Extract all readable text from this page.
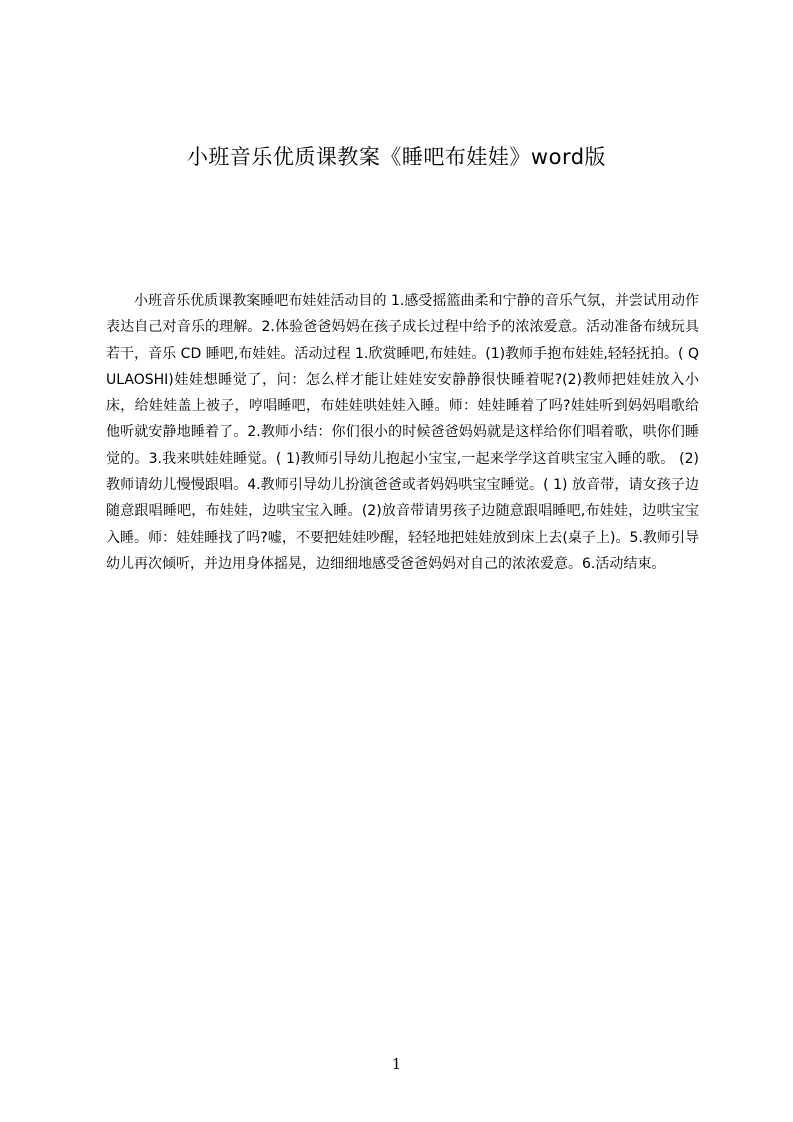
小班音乐优质课教案《睡吧布娃娃》word版

小班音乐优质课教案睡吧布娃娃活动目的 1.感受摇篮曲柔和宁静的音乐气氛，并尝试用动作表达自己对音乐的理解。2.体验爸爸妈妈在孩子成长过程中给予的浓浓爱意。活动准备布绒玩具若干，音乐 CD 睡吧,布娃娃。活动过程 1.欣赏睡吧,布娃娃。(1)教师手抱布娃娃,轻轻抚拍。( QULAOSHI)娃娃想睡觉了，问：怎么样才能让娃娃安安静静很快睡着呢?(2)教师把娃娃放入小床，给娃娃盖上被子，哼唱睡吧，布娃娃哄娃娃入睡。师：娃娃睡着了吗?娃娃听到妈妈唱歌给他听就安静地睡着了。2.教师小结：你们很小的时候爸爸妈妈就是这样给你们唱着歌，哄你们睡觉的。3.我来哄娃娃睡觉。( 1)教师引导幼儿抱起小宝宝,一起来学学这首哄宝宝入睡的歌。 (2)教师请幼儿慢慢跟唱。4.教师引导幼儿扮演爸爸或者妈妈哄宝宝睡觉。( 1) 放音带，请女孩子边随意跟唱睡吧，布娃娃，边哄宝宝入睡。(2)放音带请男孩子边随意跟唱睡吧,布娃娃，边哄宝宝入睡。师：娃娃睡找了吗?嘘，不要把娃娃吵醒，轻轻地把娃娃放到床上去(桌子上)。5.教师引导幼儿再次倾听，并边用身体摇晃，边细细地感受爸爸妈妈对自己的浓浓爱意。6.活动结束。

1
